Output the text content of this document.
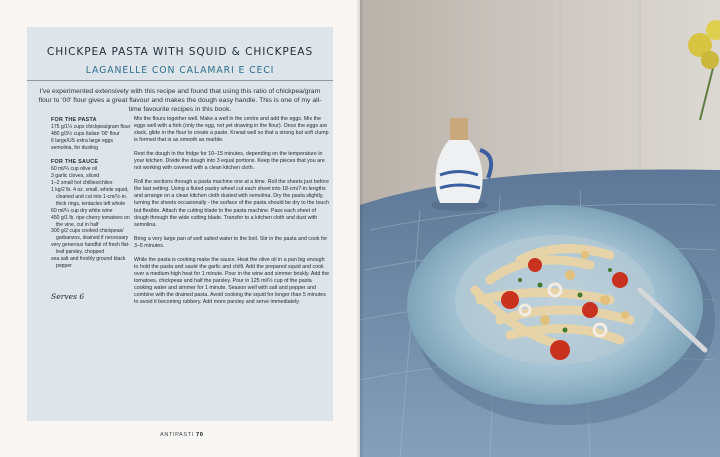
CHICKPEA PASTA WITH SQUID & CHICKPEAS
LAGANELLE CON CALAMARI E CECI
I've experimented extensively with this recipe and found that using this ratio of chickpea/gram flour to '00' flour gives a great flavour and makes the dough easy handle. This is one of my all-time favourite recipes in this book.
FOR THE PASTA
175 g/1¼ cups chickpea/gram flour
480 g/3½ cups Italian '00' flour
6 large/US extra large eggs
semolina, for dusting
FOR THE SAUCE
60 ml/¼ cup olive oil
3 garlic cloves, sliced
1–2 small hot chillies/chiles
1 kg/2 lb. 4 oz. small, whole squid, cleaned and cut into 1-cm/½-in. thick rings, tentacles left whole
60 ml/¼ cup dry white wine
450 g/1 lb. ripe cherry tomatoes on the vine, cut in half
300 g/2 cups cooked chickpeas/ garbanzos, drained if necessary
very generous handful of fresh flat-leaf parsley, chopped
sea salt and freshly ground black pepper
Serves 6

Mix the flours together well. Make a well in the centre and add the eggs. Mix the eggs well with a fork (only the egg, not yet drawing in the flour). Once the eggs are slack, glide in the flour to create a paste. Knead well so that a strong but soft clump is formed that is as smooth as marble.

Rest the dough in the fridge for 10–15 minutes, depending on the temperature in your kitchen. Divide the dough into 3 equal portions. Keep the pieces that you are not working with covered with a clean kitchen cloth.

Roll the sections through a pasta machine one at a time. Roll the sheets just before the last setting. Using a fluted pastry wheel cut each sheet into 18-cm/7-in.lengths and arrange on a clean kitchen cloth dusted with semolina. Dry the pasta slightly, turning the sheets occasionally - the surface of the pasta should be dry to the touch but flexible. Attach the cutting blade to the pasta machine. Pass each sheet of dough through the wide cutting blade. Transfer to a kitchen cloth and dust with semolina.

Bring a very large pan of well salted water to the boil. Stir in the pasta and cook for 3–5 minutes.

While the pasta is cooking make the sauce. Heat the olive oil in a pan big enough to hold the pasta and sauté the garlic and chilli. Add the prepared squid and cook over a medium-high heat for 1 minute. Pour in the wine and simmer briskly. Add the tomatoes, chickpeas and half the parsley. Pour in 125 ml/½ cup of the pasta cooking water and simmer for 1 minute. Season well with salt and pepper and combine with the drained pasta. Avoid cooking the squid for longer than 5 minutes to avoid it becoming rubbery. Add more parsley and serve immediately.

ANTIPASTI 70
